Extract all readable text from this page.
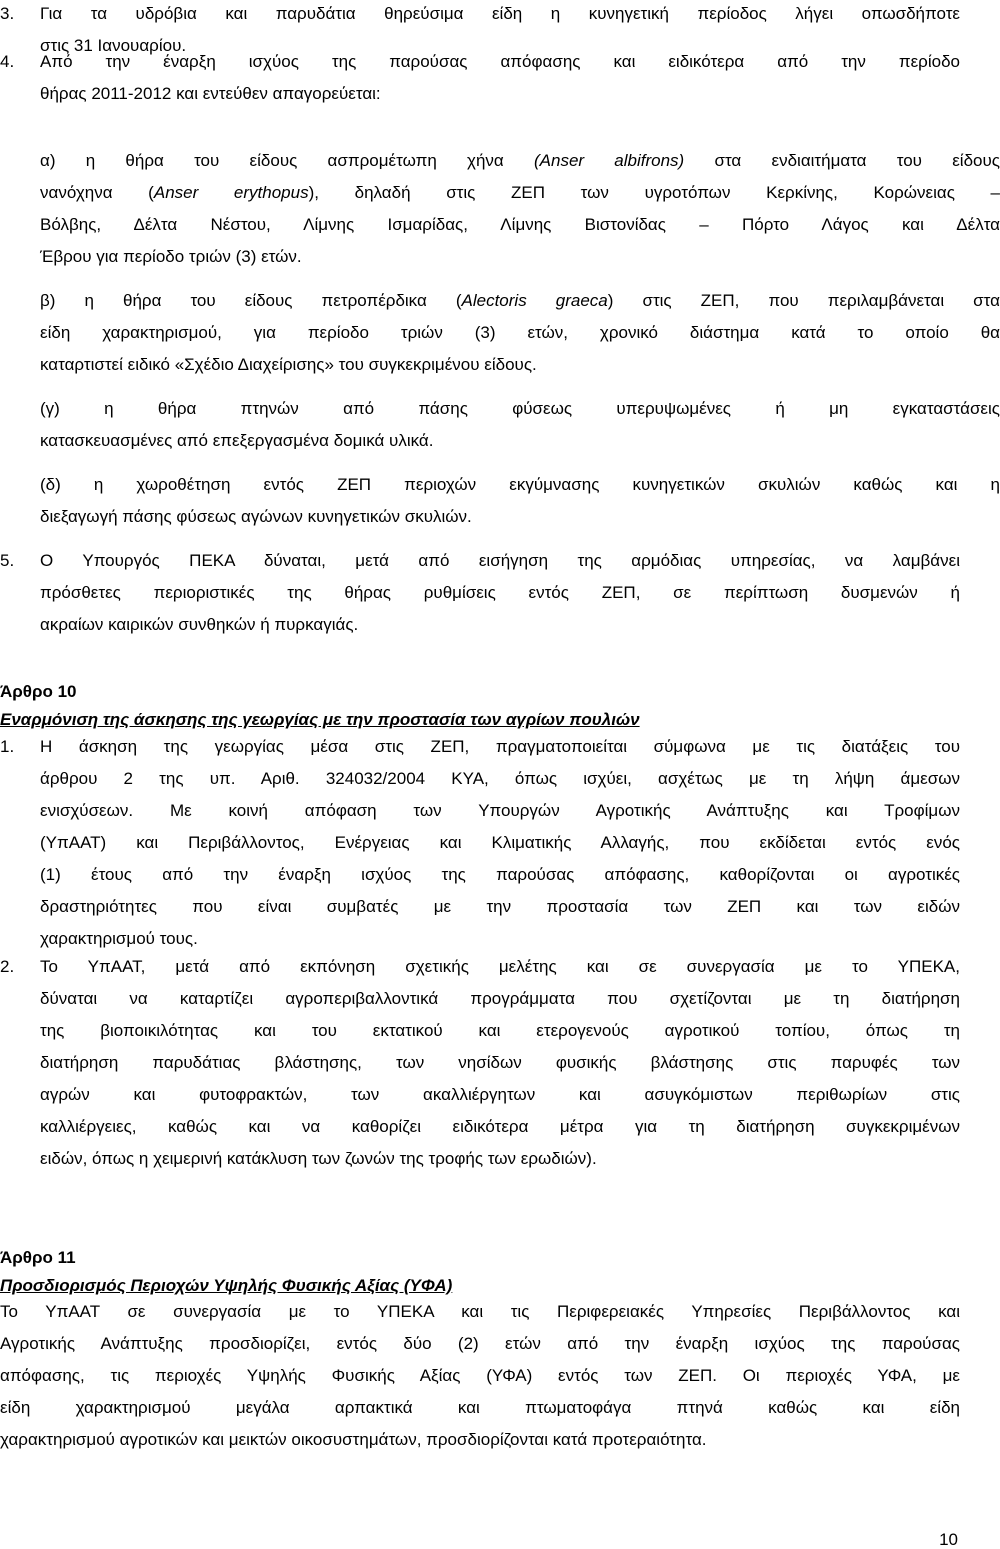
3. Για τα υδρόβια και παρυδάτια θηρεύσιμα είδη η κυνηγετική περίοδος λήγει οπωσδήποτε
στις 31 Ιανουαρίου.
4. Από την έναρξη ισχύος της παρούσας απόφασης και ειδικότερα από την περίοδο
θήρας 2011-2012 και εντεύθεν απαγορεύεται:
α) η θήρα του είδους ασπρομέτωπη χήνα (Anser albifrons) στα ενδιαιτήματα του είδους
νανόχηνα (Anser erythopus), δηλαδή στις ΖΕΠ των υγροτόπων Κερκίνης, Κορώνειας –
Βόλβης, Δέλτα Νέστου, Λίμνης Ισμαρίδας, Λίμνης Βιστονίδας – Πόρτο Λάγος και Δέλτα
Έβρου για περίοδο τριών (3) ετών.
β) η θήρα του είδους πετροπέρδικα (Alectoris graeca) στις ΖΕΠ, που περιλαμβάνεται στα
είδη χαρακτηρισμού, για περίοδο τριών (3) ετών, χρονικό διάστημα κατά το οποίο θα
καταρτιστεί ειδικό «Σχέδιο Διαχείρισης» του συγκεκριμένου είδους.
(γ) η θήρα πτηνών από πάσης φύσεως υπερυψωμένες ή μη εγκαταστάσεις
κατασκευασμένες από επεξεργασμένα δομικά υλικά.
(δ) η χωροθέτηση εντός ΖΕΠ περιοχών εκγύμνασης κυνηγετικών σκυλιών καθώς και η
διεξαγωγή πάσης φύσεως αγώνων κυνηγετικών σκυλιών.
5. Ο Υπουργός ΠΕΚΑ δύναται, μετά από εισήγηση της αρμόδιας υπηρεσίας, να λαμβάνει
πρόσθετες περιοριστικές της θήρας ρυθμίσεις εντός ΖΕΠ, σε περίπτωση δυσμενών ή
ακραίων καιρικών συνθηκών ή πυρκαγιάς.
Άρθρο 10
Εναρμόνιση της άσκησης της γεωργίας με την προστασία των αγρίων πουλιών
1. Η άσκηση της γεωργίας μέσα στις ΖΕΠ, πραγματοποιείται σύμφωνα με τις διατάξεις του
άρθρου 2 της υπ. Αριθ. 324032/2004 ΚΥΑ, όπως ισχύει, ασχέτως με τη λήψη άμεσων
ενισχύσεων. Με κοινή απόφαση των Υπουργών Αγροτικής Ανάπτυξης και Τροφίμων
(ΥπΑΑΤ) και Περιβάλλοντος, Ενέργειας και Κλιματικής Αλλαγής, που εκδίδεται εντός ενός
(1) έτους από την έναρξη ισχύος της παρούσας απόφασης, καθορίζονται οι αγροτικές
δραστηριότητες που είναι συμβατές με την προστασία των ΖΕΠ και των ειδών
χαρακτηρισμού τους.
2. Το ΥπΑΑΤ, μετά από εκπόνηση σχετικής μελέτης και σε συνεργασία με το ΥΠΕΚΑ,
δύναται να καταρτίζει αγροπεριβαλλοντικά προγράμματα που σχετίζονται με τη διατήρηση
της βιοποικιλότητας και του εκτατικού και ετερογενούς αγροτικού τοπίου, όπως τη
διατήρηση παρυδάτιας βλάστησης, των νησίδων φυσικής βλάστησης στις παρυφές των
αγρών και φυτοφρακτών, των ακαλλιέργητων και ασυγκόμιστων περιθωρίων στις
καλλιέργειες, καθώς και να καθορίζει ειδικότερα μέτρα για τη διατήρηση συγκεκριμένων
ειδών, όπως η χειμερινή κατάκλυση των ζωνών της τροφής των ερωδιών).
Άρθρο 11
Προσδιορισμός Περιοχών Υψηλής Φυσικής Αξίας (ΥΦΑ)
Το ΥπΑΑΤ σε συνεργασία με το ΥΠΕΚΑ και τις Περιφερειακές Υπηρεσίες Περιβάλλοντος και
Αγροτικής Ανάπτυξης προσδιορίζει, εντός δύο (2) ετών από την έναρξη ισχύος της παρούσας
απόφασης, τις περιοχές Υψηλής Φυσικής Αξίας (ΥΦΑ) εντός των ΖΕΠ. Οι περιοχές ΥΦΑ, με
είδη χαρακτηρισμού μεγάλα αρπακτικά και πτωματοφάγα πτηνά καθώς και είδη
χαρακτηρισμού αγροτικών και μεικτών οικοσυστημάτων, προσδιορίζονται κατά προτεραιότητα.
10
